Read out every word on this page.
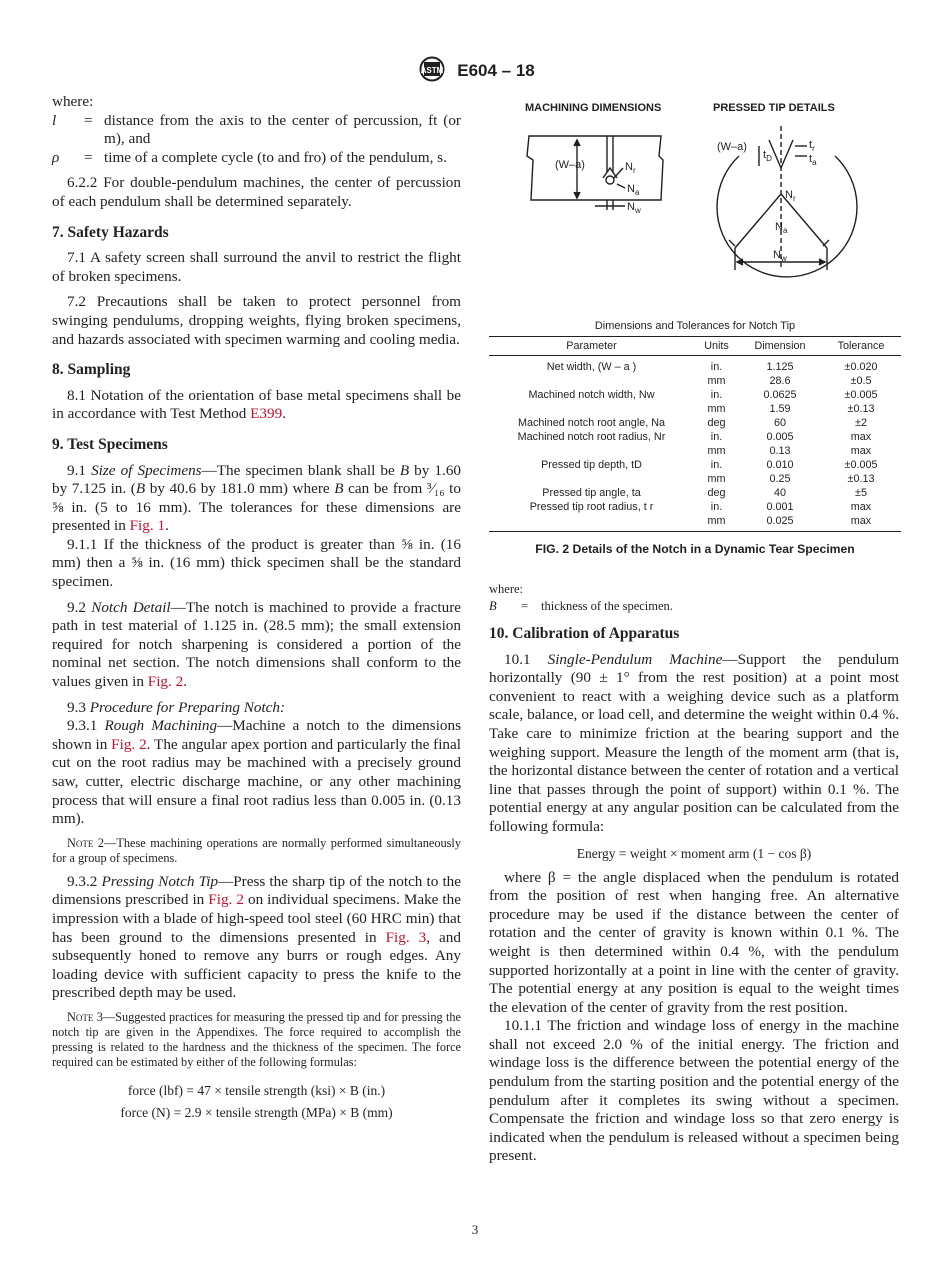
ASTM E604 – 18

where:

l	= distance from the axis to the center of percussion, ft (or m), and
ρ	= time of a complete cycle (to and fro) of the pendulum, s.

6.2.2 For double-pendulum machines, the center of percussion of each pendulum shall be determined separately.

7. Safety Hazards

7.1 A safety screen shall surround the anvil to restrict the flight of broken specimens.

7.2 Precautions shall be taken to protect personnel from swinging pendulums, dropping weights, flying broken specimens, and hazards associated with specimen warming and cooling media.

8. Sampling

8.1 Notation of the orientation of base metal specimens shall be in accordance with Test Method E399.

9. Test Specimens

9.1 Size of Specimens—The specimen blank shall be B by 1.60 by 7.125 in. (B by 40.6 by 181.0 mm) where B can be from ³⁄₁₆ to ⅝ in. (5 to 16 mm). The tolerances for these dimensions are presented in Fig. 1.

9.1.1 If the thickness of the product is greater than ⅝ in. (16 mm) then a ⅝ in. (16 mm) thick specimen shall be the standard specimen.

9.2 Notch Detail—The notch is machined to provide a fracture path in test material of 1.125 in. (28.5 mm); the small extension required for notch sharpening is considered a portion of the nominal net section. The notch dimensions shall conform to the values given in Fig. 2.

9.3 Procedure for Preparing Notch:

9.3.1 Rough Machining—Machine a notch to the dimensions shown in Fig. 2. The angular apex portion and particularly the final cut on the root radius may be machined with a precisely ground saw, cutter, electric discharge machine, or any other machining process that will ensure a final root radius less than 0.005 in. (0.13 mm).

Note 2—These machining operations are normally performed simultaneously for a group of specimens.

9.3.2 Pressing Notch Tip—Press the sharp tip of the notch to the dimensions prescribed in Fig. 2 on individual specimens. Make the impression with a blade of high-speed tool steel (60 HRC min) that has been ground to the dimensions presented in Fig. 3, and subsequently honed to remove any burrs or rough edges. Any loading device with sufficient capacity to press the knife to the prescribed depth may be used.

Note 3—Suggested practices for measuring the pressed tip and for pressing the notch tip are given in the Appendixes. The force required to accomplish the pressing is related to the hardness and the thickness of the specimen. The force required can be estimated by either of the following formulas:

force (lbf) = 47 × tensile strength (ksi) × B (in.)

force (N) = 2.9 × tensile strength (MPa) × B (mm)

MACHINING DIMENSIONS	PRESSED TIP DETAILS
(W–a)	$N_r$
$N_a$
$N_w$
(W–a)
$t_D$
$t_r$
$t_a$
$N_r$
$N_a$
$N_w$
Dimensions and Tolerances for Notch Tip
Parameter	Units	Dimension	Tolerance
Net width, (W – a )	in.	1.125	±0.020
	mm	28.6	±0.5
Machined notch width, Nw	in.	0.0625	±0.005
	mm	1.59	±0.13
Machined notch root angle, Na	deg	60	±2
Machined notch root radius, Nr	in.	0.005	max
	mm	0.13	max
Pressed tip depth, tD	in.	0.010	±0.005
	mm	0.25	±0.13
Pressed tip angle, ta	deg	40	±5
Pressed tip root radius, t r	in.	0.001	max
	mm	0.025	max
FIG. 2 Details of the Notch in a Dynamic Tear Specimen

where:

B	=	thickness of the specimen.

10. Calibration of Apparatus

10.1 Single-Pendulum Machine—Support the pendulum horizontally (90 ± 1° from the rest position) at a point most convenient to react with a weighing device such as a platform scale, balance, or load cell, and determine the weight within 0.4 %. Take care to minimize friction at the bearing support and the weighing support. Measure the length of the moment arm (that is, the horizontal distance between the center of rotation and a vertical line that passes through the point of support) within 0.1 %. The potential energy at any angular position can be calculated from the following formula:

Energy = weight × moment arm (1 − cos β)

where β = the angle displaced when the pendulum is rotated from the position of rest when hanging free. An alternative procedure may be used if the distance between the center of rotation and the center of gravity is known within 0.1 %. The weight is then determined within 0.4 %, with the pendulum supported horizontally at a point in line with the center of gravity. The potential energy at any position is equal to the weight times the elevation of the center of gravity from the rest position.

10.1.1 The friction and windage loss of energy in the machine shall not exceed 2.0 % of the initial energy. The friction and windage loss is the difference between the potential energy of the pendulum from the starting position and the potential energy of the pendulum after it completes its swing without a specimen. Compensate the friction and windage loss so that zero energy is indicated when the pendulum is released without a specimen being present.

3
